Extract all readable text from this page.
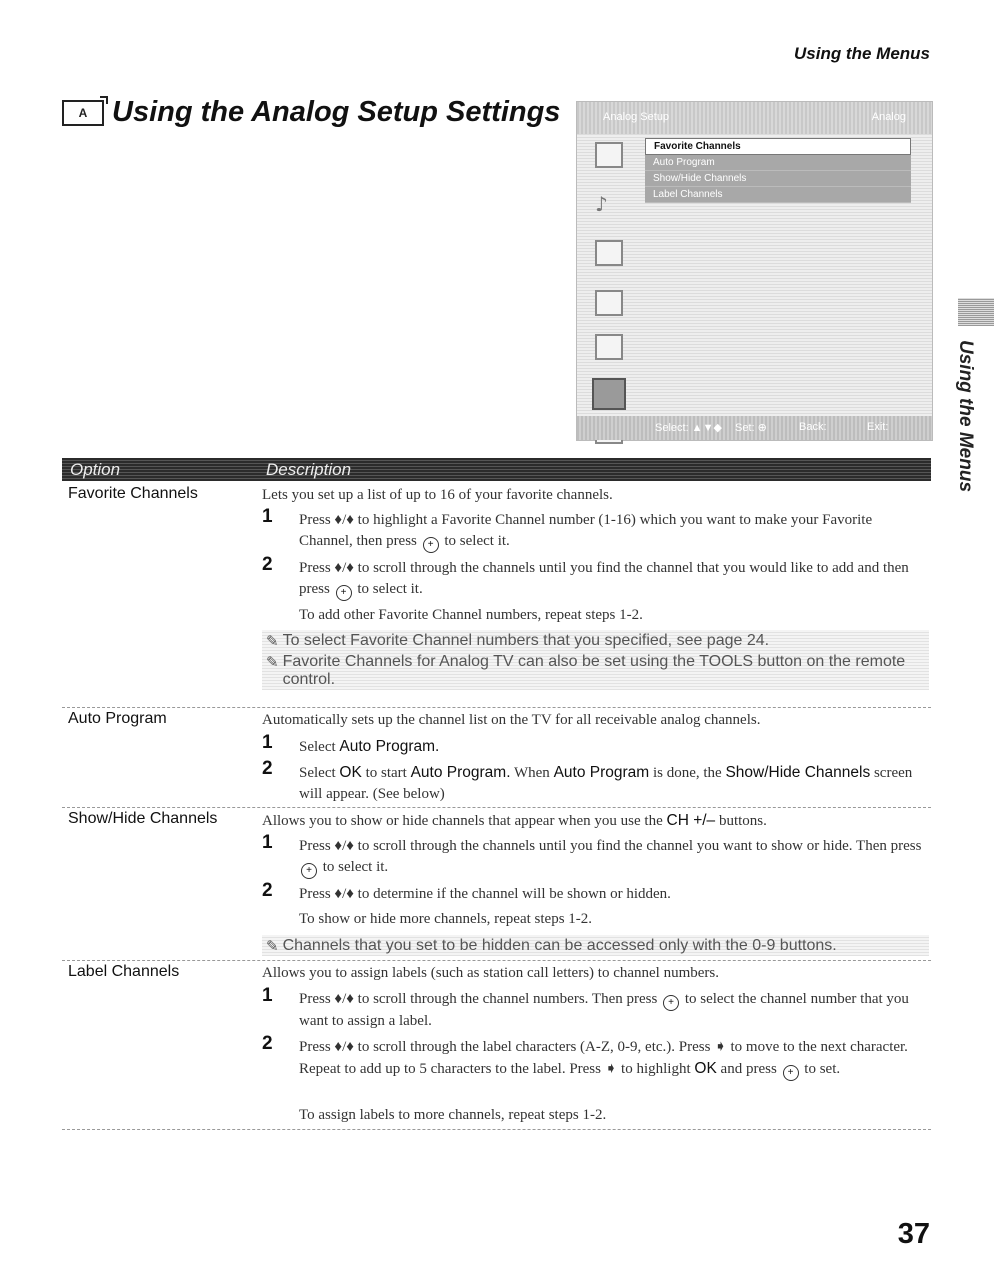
Using the Menus
A Using the Analog Setup Settings	Analog Setup	Analog
♪
Favorite Channels
Auto Program
Show/Hide Channels
Label Channels
Select: ▲▼◆ Set: ⊕	Back:	Exit:	Using the Menus
Option	Description
Favorite Channels	Lets you set up a list of up to 16 of your favorite channels.
1 Press ♦/♦ to highlight a Favorite Channel number (1-16) which you want to make your Favorite Channel, then press + to select it.
2 Press ♦/♦ to scroll through the channels until you find the channel that you would like to add and then press + to select it.
To add other Favorite Channel numbers, repeat steps 1-2.
✎ To select Favorite Channel numbers that you specified, see page 24.
✎ Favorite Channels for Analog TV can also be set using the TOOLS button on the remote control.
Auto Program	Automatically sets up the channel list on the TV for all receivable analog channels.
1 Select Auto Program.
2 Select OK to start Auto Program. When Auto Program is done, the Show/Hide Channels screen will appear. (See below)
Show/Hide Channels	Allows you to show or hide channels that appear when you use the CH +/– buttons.
1 Press ♦/♦ to scroll through the channels until you find the channel you want to show or hide. Then press + to select it.
2 Press ♦/♦ to determine if the channel will be shown or hidden.
To show or hide more channels, repeat steps 1-2.
✎ Channels that you set to be hidden can be accessed only with the 0-9 buttons.
Label Channels	Allows you to assign labels (such as station call letters) to channel numbers.
1 Press ♦/♦ to scroll through the channel numbers. Then press + to select the channel number that you want to assign a label.
2 Press ♦/♦ to scroll through the label characters (A-Z, 0-9, etc.). Press ➧ to move to the next character. Repeat to add up to 5 characters to the label. Press ➧ to highlight OK and press + to set.
To assign labels to more channels, repeat steps 1-2.
37
